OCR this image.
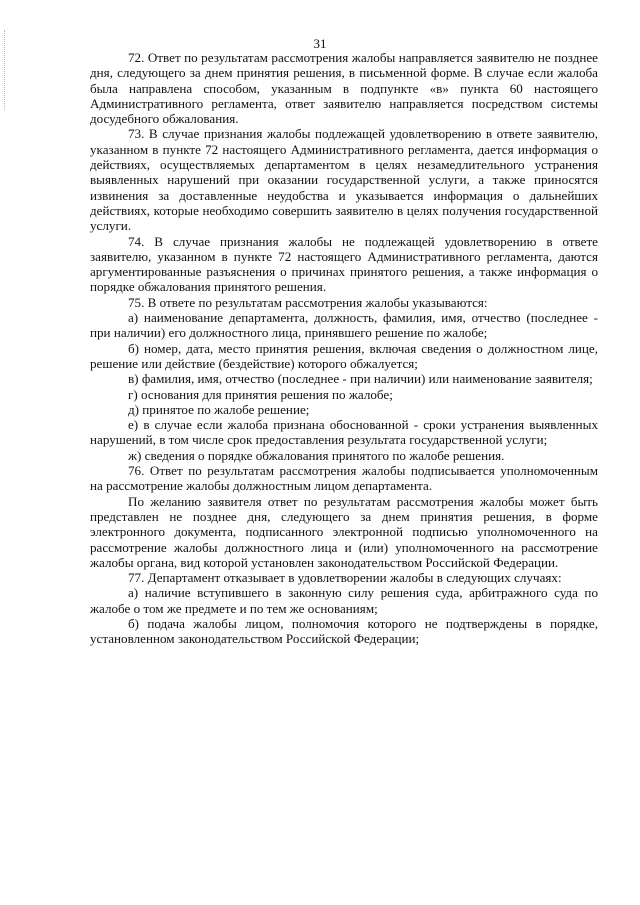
31

72. Ответ по результатам рассмотрения жалобы направляется заявителю не позднее дня, следующего за днем принятия решения, в письменной форме. В случае если жалоба была направлена способом, указанным в подпункте «в» пункта 60 настоящего Административного регламента, ответ заявителю направляется посредством системы досудебного обжалования.

73. В случае признания жалобы подлежащей удовлетворению в ответе заявителю, указанном в пункте 72 настоящего Административного регламента, дается информация о действиях, осуществляемых департаментом в целях незамедлительного устранения выявленных нарушений при оказании государственной услуги, а также приносятся извинения за доставленные неудобства и указывается информация о дальнейших действиях, которые необходимо совершить заявителю в целях получения государственной услуги.

74. В случае признания жалобы не подлежащей удовлетворению в ответе заявителю, указанном в пункте 72 настоящего Административного регламента, даются аргументированные разъяснения о причинах принятого решения, а также информация о порядке обжалования принятого решения.

75. В ответе по результатам рассмотрения жалобы указываются:

а) наименование департамента, должность, фамилия, имя, отчество (последнее - при наличии) его должностного лица, принявшего решение по жалобе;

б) номер, дата, место принятия решения, включая сведения о должностном лице, решение или действие (бездействие) которого обжалуется;

в) фамилия, имя, отчество (последнее - при наличии) или наименование заявителя;

г) основания для принятия решения по жалобе;

д) принятое по жалобе решение;

е) в случае если жалоба признана обоснованной - сроки устранения выявленных нарушений, в том числе срок предоставления результата государственной услуги;

ж) сведения о порядке обжалования принятого по жалобе решения.

76. Ответ по результатам рассмотрения жалобы подписывается уполномоченным на рассмотрение жалобы должностным лицом департамента.

По желанию заявителя ответ по результатам рассмотрения жалобы может быть представлен не позднее дня, следующего за днем принятия решения, в форме электронного документа, подписанного электронной подписью уполномоченного на рассмотрение жалобы должностного лица и (или) уполномоченного на рассмотрение жалобы органа, вид которой установлен законодательством Российской Федерации.

77. Департамент отказывает в удовлетворении жалобы в следующих случаях:

а) наличие вступившего в законную силу решения суда, арбитражного суда по жалобе о том же предмете и по тем же основаниям;

б) подача жалобы лицом, полномочия которого не подтверждены в порядке, установленном законодательством Российской Федерации;
